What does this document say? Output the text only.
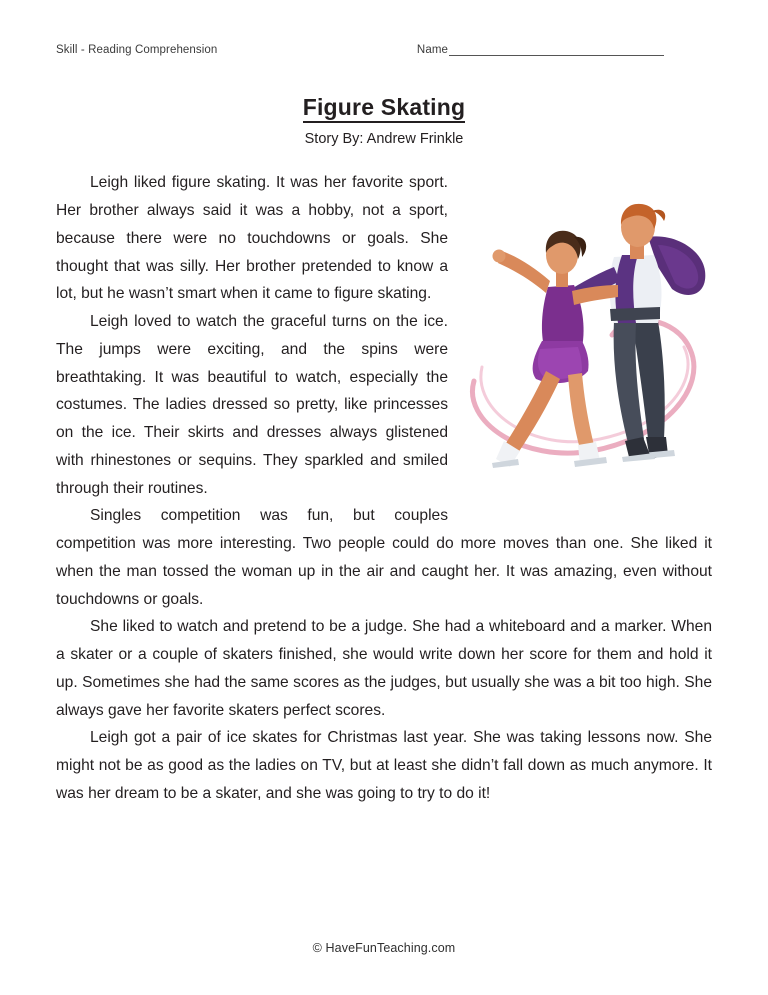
Skill - Reading Comprehension	Name
Figure Skating
Story By: Andrew Frinkle

Leigh liked figure skating. It was her favorite sport. Her brother always said it was a hobby, not a sport, because there were no touchdowns or goals. She thought that was silly. Her brother pretended to know a lot, but he wasn’t smart when it came to figure skating.

Leigh loved to watch the graceful turns on the ice. The jumps were exciting, and the spins were breathtaking. It was beautiful to watch, especially the costumes. The ladies dressed so pretty, like princesses on the ice. Their skirts and dresses always glistened with rhinestones or sequins. They sparkled and smiled through their routines.

Singles competition was fun, but couples competition was more interesting. Two people could do more moves than one. She liked it when the man tossed the woman up in the air and caught her. It was amazing, even without touchdowns or goals.

She liked to watch and pretend to be a judge. She had a whiteboard and a marker. When a skater or a couple of skaters finished, she would write down her score for them and hold it up. Sometimes she had the same scores as the judges, but usually she was a bit too high. She always gave her favorite skaters perfect scores.

Leigh got a pair of ice skates for Christmas last year. She was taking lessons now. She might not be as good as the ladies on TV, but at least she didn’t fall down as much anymore. It was her dream to be a skater, and she was going to try to do it!

© HaveFunTeaching.com
